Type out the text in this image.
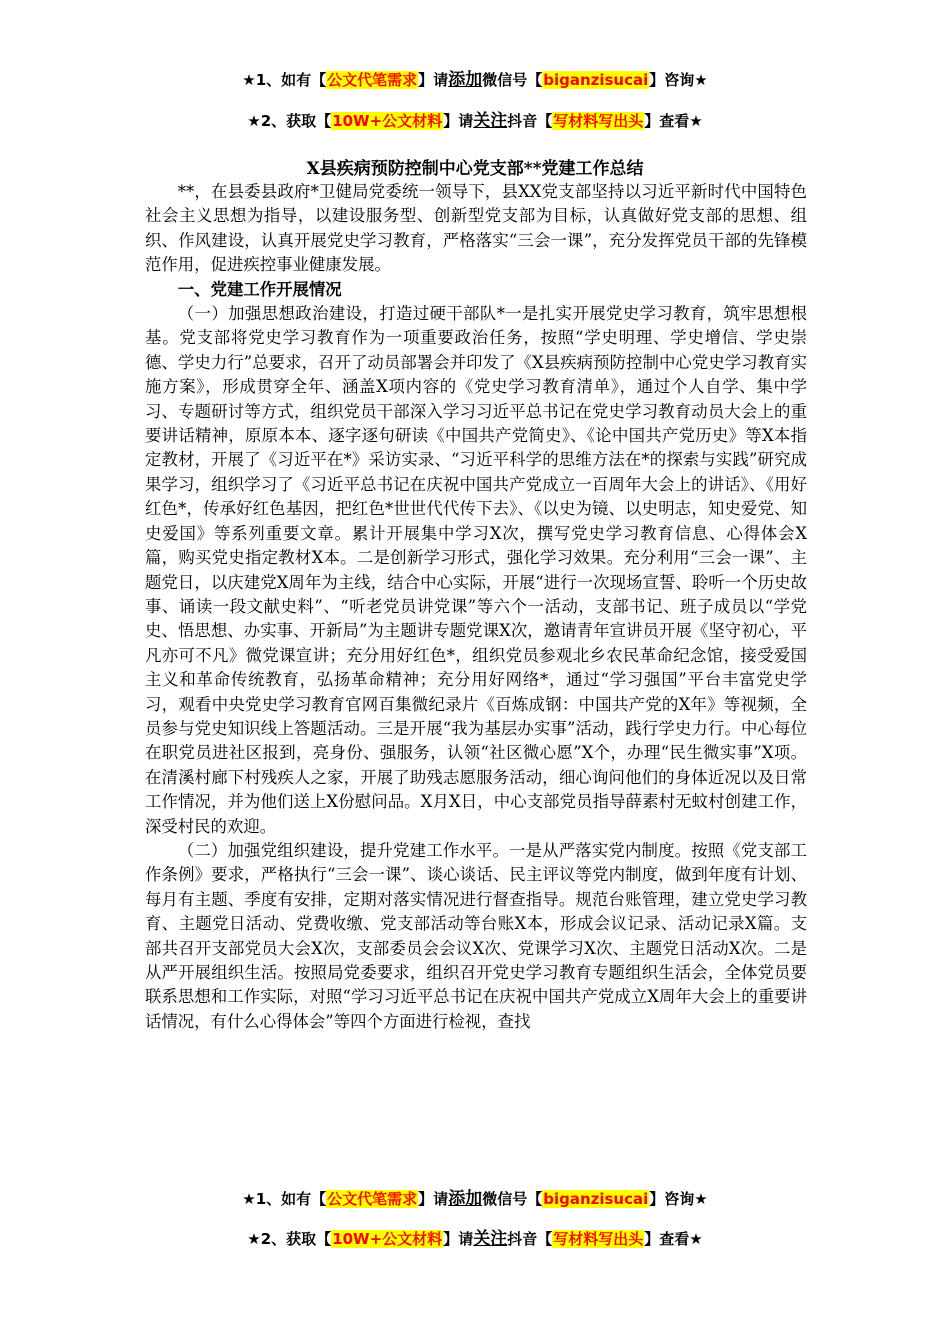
★1、如有【公文代笔需求】请添加微信号【biganzisucai】咨询★
★2、获取【10W+公文材料】请关注抖音【写材料写出头】查看★
X县疾病预防控制中心党支部**党建工作总结

**，在县委县政府*卫健局党委统一领导下，县XX党支部坚持以习近平新时代中国特色社会主义思想为指导，以建设服务型、创新型党支部为目标，认真做好党支部的思想、组织、作风建设，认真开展党史学习教育，严格落实“三会一课”，充分发挥党员干部的先锋模范作用，促进疾控事业健康发展。

一、党建工作开展情况

（一）加强思想政治建设，打造过硬干部队*一是扎实开展党史学习教育，筑牢思想根基。党支部将党史学习教育作为一项重要政治任务，按照“学史明理、学史增信、学史崇德、学史力行”总要求，召开了动员部署会并印发了《X县疾病预防控制中心党史学习教育实施方案》，形成贯穿全年、涵盖X项内容的《党史学习教育清单》，通过个人自学、集中学习、专题研讨等方式，组织党员干部深入学习习近平总书记在党史学习教育动员大会上的重要讲话精神，原原本本、逐字逐句研读《中国共产党简史》、《论中国共产党历史》等X本指定教材，开展了《习近平在*》采访实录、“习近平科学的思维方法在*的探索与实践”研究成果学习，组织学习了《习近平总书记在庆祝中国共产党成立一百周年大会上的讲话》、《用好红色*，传承好红色基因，把红色*世世代代传下去》、《以史为镜、以史明志，知史爱党、知史爱国》等系列重要文章。累计开展集中学习X次，撰写党史学习教育信息、心得体会X篇，购买党史指定教材X本。二是创新学习形式，强化学习效果。充分利用“三会一课”、主题党日，以庆建党X周年为主线，结合中心实际，开展“进行一次现场宣誓、聆听一个历史故事、诵读一段文献史料”、“听老党员讲党课”等六个一活动，支部书记、班子成员以“学党史、悟思想、办实事、开新局”为主题讲专题党课X次，邀请青年宣讲员开展《坚守初心，平凡亦可不凡》微党课宣讲；充分用好红色*，组织党员参观北乡农民革命纪念馆，接受爱国主义和革命传统教育，弘扬革命精神；充分用好网络*，通过“学习强国”平台丰富党史学习，观看中央党史学习教育官网百集微纪录片《百炼成钢：中国共产党的X年》等视频，全员参与党史知识线上答题活动。三是开展“我为基层办实事”活动，践行学史力行。中心每位在职党员进社区报到，亮身份、强服务，认领“社区微心愿”X个，办理“民生微实事”X项。在清溪村廊下村残疾人之家，开展了助残志愿服务活动，细心询问他们的身体近况以及日常工作情况，并为他们送上X份慰问品。X月X日，中心支部党员指导薛素村无蚊村创建工作，深受村民的欢迎。

（二）加强党组织建设，提升党建工作水平。一是从严落实党内制度。按照《党支部工作条例》要求，严格执行“三会一课”、谈心谈话、民主评议等党内制度，做到年度有计划、每月有主题、季度有安排，定期对落实情况进行督查指导。规范台账管理，建立党史学习教育、主题党日活动、党费收缴、党支部活动等台账X本，形成会议记录、活动记录X篇。支部共召开支部党员大会X次，支部委员会会议X次、党课学习X次、主题党日活动X次。二是从严开展组织生活。按照局党委要求，组织召开党史学习教育专题组织生活会，全体党员要联系思想和工作实际，对照“学习习近平总书记在庆祝中国共产党成立X周年大会上的重要讲话情况，有什么心得体会”等四个方面进行检视，查找

★1、如有【公文代笔需求】请添加微信号【biganzisucai】咨询★
★2、获取【10W+公文材料】请关注抖音【写材料写出头】查看★
